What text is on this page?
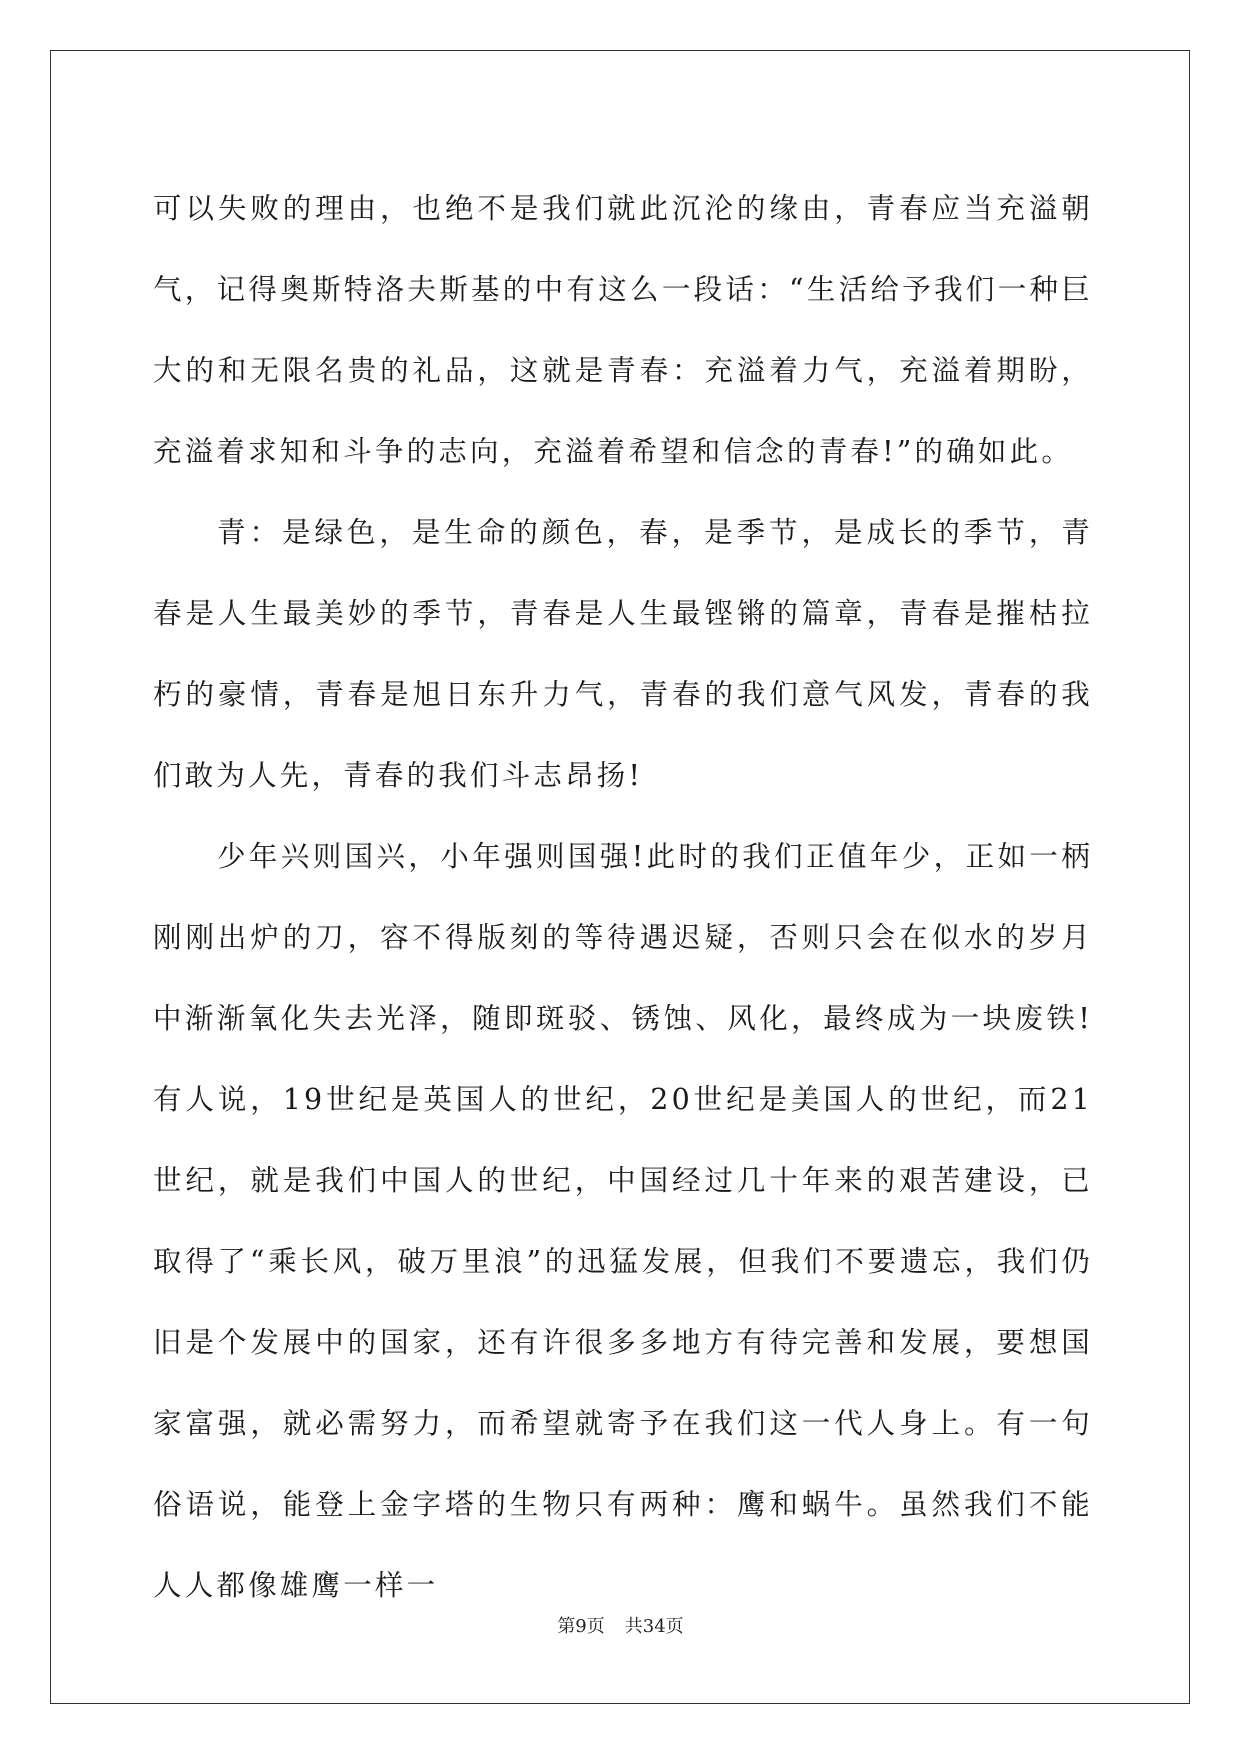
可以失败的理由，也绝不是我们就此沉沦的缘由，青春应当充溢朝气，记得奥斯特洛夫斯基的中有这么一段话：“生活给予我们一种巨大的和无限名贵的礼品，这就是青春：充溢着力气，充溢着期盼，充溢着求知和斗争的志向，充溢着希望和信念的青春!”的确如此。

青：是绿色，是生命的颜色，春，是季节，是成长的季节，青春是人生最美妙的季节，青春是人生最铿锵的篇章，青春是摧枯拉朽的豪情，青春是旭日东升力气，青春的我们意气风发，青春的我们敢为人先，青春的我们斗志昂扬!

少年兴则国兴，小年强则国强!此时的我们正值年少，正如一柄刚刚出炉的刀，容不得版刻的等待遇迟疑，否则只会在似水的岁月中渐渐氧化失去光泽，随即斑驳、锈蚀、风化，最终成为一块废铁!有人说，19世纪是英国人的世纪，20世纪是美国人的世纪，而21世纪，就是我们中国人的世纪，中国经过几十年来的艰苦建设，已取得了“乘长风，破万里浪”的迅猛发展，但我们不要遗忘，我们仍旧是个发展中的国家，还有许很多多地方有待完善和发展，要想国家富强，就必需努力，而希望就寄予在我们这一代人身上。有一句俗语说，能登上金字塔的生物只有两种：鹰和蜗牛。虽然我们不能人人都像雄鹰一样一

第9页 共34页
